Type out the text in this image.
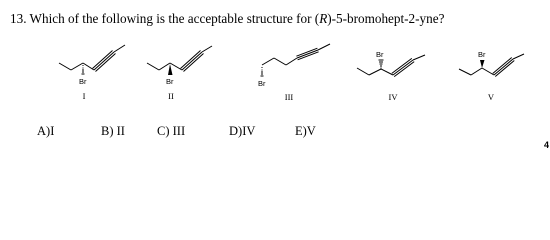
13. Which of the following is the acceptable structure for (R)-5-bromohept-2-yne?
Br
I
Br
II
Br
III
Br
IV
Br
V
A)I	B) II	C) III	D)IV	E)V
4
